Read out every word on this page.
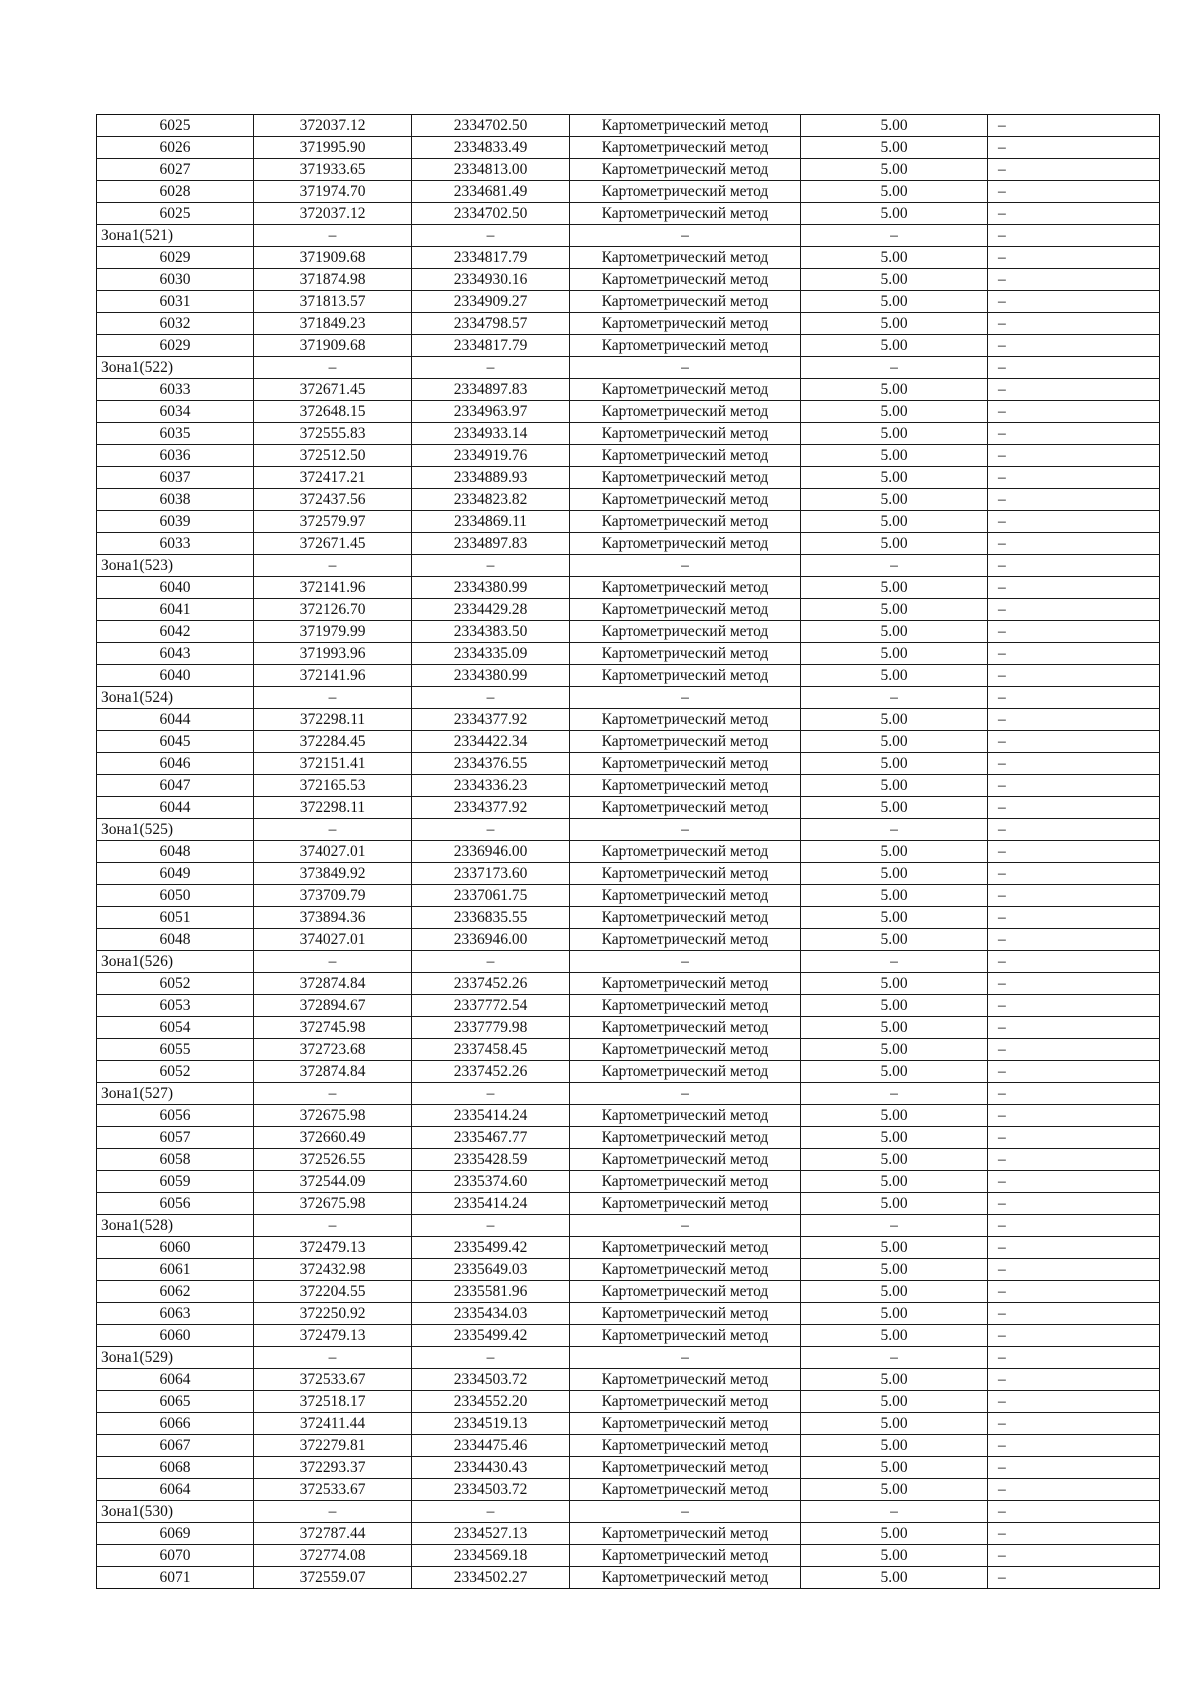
6025	372037.12	2334702.50	Картометрический метод	5.00	–
6026	371995.90	2334833.49	Картометрический метод	5.00	–
6027	371933.65	2334813.00	Картометрический метод	5.00	–
6028	371974.70	2334681.49	Картометрический метод	5.00	–
6025	372037.12	2334702.50	Картометрический метод	5.00	–
Зона1(521)	–	–	–	–	–
6029	371909.68	2334817.79	Картометрический метод	5.00	–
6030	371874.98	2334930.16	Картометрический метод	5.00	–
6031	371813.57	2334909.27	Картометрический метод	5.00	–
6032	371849.23	2334798.57	Картометрический метод	5.00	–
6029	371909.68	2334817.79	Картометрический метод	5.00	–
Зона1(522)	–	–	–	–	–
6033	372671.45	2334897.83	Картометрический метод	5.00	–
6034	372648.15	2334963.97	Картометрический метод	5.00	–
6035	372555.83	2334933.14	Картометрический метод	5.00	–
6036	372512.50	2334919.76	Картометрический метод	5.00	–
6037	372417.21	2334889.93	Картометрический метод	5.00	–
6038	372437.56	2334823.82	Картометрический метод	5.00	–
6039	372579.97	2334869.11	Картометрический метод	5.00	–
6033	372671.45	2334897.83	Картометрический метод	5.00	–
Зона1(523)	–	–	–	–	–
6040	372141.96	2334380.99	Картометрический метод	5.00	–
6041	372126.70	2334429.28	Картометрический метод	5.00	–
6042	371979.99	2334383.50	Картометрический метод	5.00	–
6043	371993.96	2334335.09	Картометрический метод	5.00	–
6040	372141.96	2334380.99	Картометрический метод	5.00	–
Зона1(524)	–	–	–	–	–
6044	372298.11	2334377.92	Картометрический метод	5.00	–
6045	372284.45	2334422.34	Картометрический метод	5.00	–
6046	372151.41	2334376.55	Картометрический метод	5.00	–
6047	372165.53	2334336.23	Картометрический метод	5.00	–
6044	372298.11	2334377.92	Картометрический метод	5.00	–
Зона1(525)	–	–	–	–	–
6048	374027.01	2336946.00	Картометрический метод	5.00	–
6049	373849.92	2337173.60	Картометрический метод	5.00	–
6050	373709.79	2337061.75	Картометрический метод	5.00	–
6051	373894.36	2336835.55	Картометрический метод	5.00	–
6048	374027.01	2336946.00	Картометрический метод	5.00	–
Зона1(526)	–	–	–	–	–
6052	372874.84	2337452.26	Картометрический метод	5.00	–
6053	372894.67	2337772.54	Картометрический метод	5.00	–
6054	372745.98	2337779.98	Картометрический метод	5.00	–
6055	372723.68	2337458.45	Картометрический метод	5.00	–
6052	372874.84	2337452.26	Картометрический метод	5.00	–
Зона1(527)	–	–	–	–	–
6056	372675.98	2335414.24	Картометрический метод	5.00	–
6057	372660.49	2335467.77	Картометрический метод	5.00	–
6058	372526.55	2335428.59	Картометрический метод	5.00	–
6059	372544.09	2335374.60	Картометрический метод	5.00	–
6056	372675.98	2335414.24	Картометрический метод	5.00	–
Зона1(528)	–	–	–	–	–
6060	372479.13	2335499.42	Картометрический метод	5.00	–
6061	372432.98	2335649.03	Картометрический метод	5.00	–
6062	372204.55	2335581.96	Картометрический метод	5.00	–
6063	372250.92	2335434.03	Картометрический метод	5.00	–
6060	372479.13	2335499.42	Картометрический метод	5.00	–
Зона1(529)	–	–	–	–	–
6064	372533.67	2334503.72	Картометрический метод	5.00	–
6065	372518.17	2334552.20	Картометрический метод	5.00	–
6066	372411.44	2334519.13	Картометрический метод	5.00	–
6067	372279.81	2334475.46	Картометрический метод	5.00	–
6068	372293.37	2334430.43	Картометрический метод	5.00	–
6064	372533.67	2334503.72	Картометрический метод	5.00	–
Зона1(530)	–	–	–	–	–
6069	372787.44	2334527.13	Картометрический метод	5.00	–
6070	372774.08	2334569.18	Картометрический метод	5.00	–
6071	372559.07	2334502.27	Картометрический метод	5.00	–
